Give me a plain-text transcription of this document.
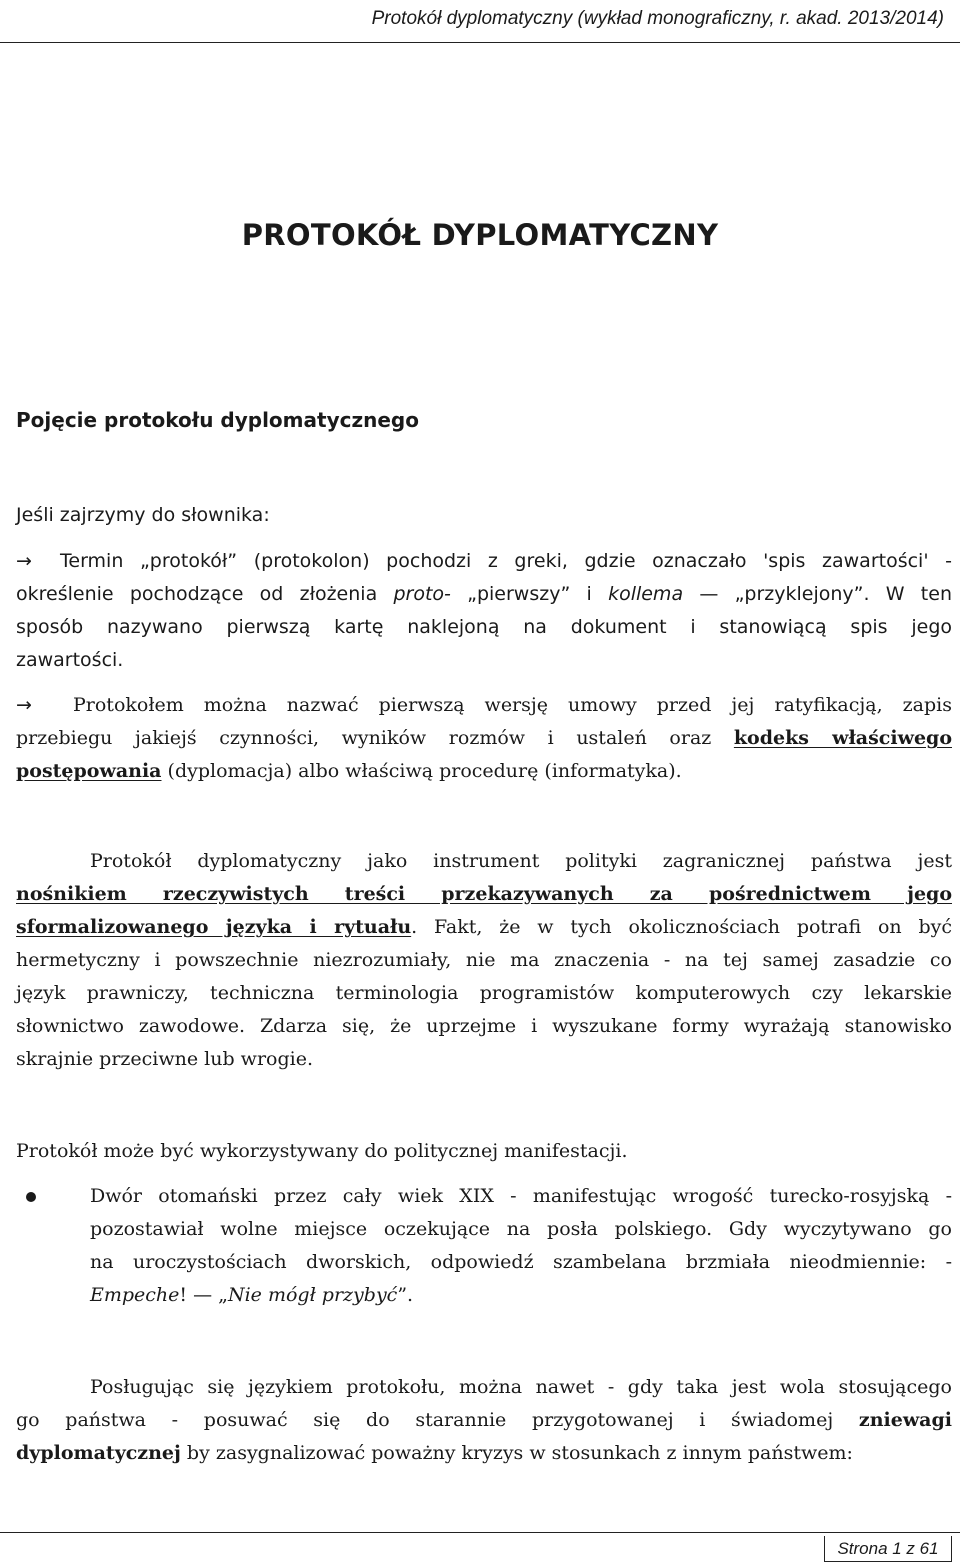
Protokół dyplomatyczny (wykład monograficzny, r. akad. 2013/2014)
PROTOKÓŁ DYPLOMATYCZNY
Pojęcie protokołu dyplomatycznego
Jeśli zajrzymy do słownika:
→ Termin „protokół” (protokolon) pochodzi z greki, gdzie oznaczało 'spis zawartości' -
określenie pochodzące od złożenia proto- „pierwszy” i kollema — „przyklejony”. W ten
sposób nazywano pierwszą kartę naklejoną na dokument i stanowiącą spis jego
zawartości.
→ Protokołem można nazwać pierwszą wersję umowy przed jej ratyfikacją, zapis
przebiegu jakiejś czynności, wyników rozmów i ustaleń oraz kodeks właściwego
postępowania (dyplomacja) albo właściwą procedurę (informatyka).
Protokół dyplomatyczny jako instrument polityki zagranicznej państwa jest
nośnikiem rzeczywistych treści przekazywanych za pośrednictwem jego
sformalizowanego języka i rytuału. Fakt, że w tych okolicznościach potrafi on być
hermetyczny i powszechnie niezrozumiały, nie ma znaczenia - na tej samej zasadzie co
język prawniczy, techniczna terminologia programistów komputerowych czy lekarskie
słownictwo zawodowe. Zdarza się, że uprzejme i wyszukane formy wyrażają stanowisko
skrajnie przeciwne lub wrogie.
Protokół może być wykorzystywany do politycznej manifestacji.
Dwór otomański przez cały wiek XIX - manifestując wrogość turecko-rosyjską -
pozostawiał wolne miejsce oczekujące na posła polskiego. Gdy wyczytywano go
na uroczystościach dworskich, odpowiedź szambelana brzmiała nieodmiennie: -
Empeche! — „Nie mógł przybyć”.
Posługując się językiem protokołu, można nawet - gdy taka jest wola stosującego
go państwa - posuwać się do starannie przygotowanej i świadomej zniewagi
dyplomatycznej by zasygnalizować poważny kryzys w stosunkach z innym państwem:
Strona 1 z 61
